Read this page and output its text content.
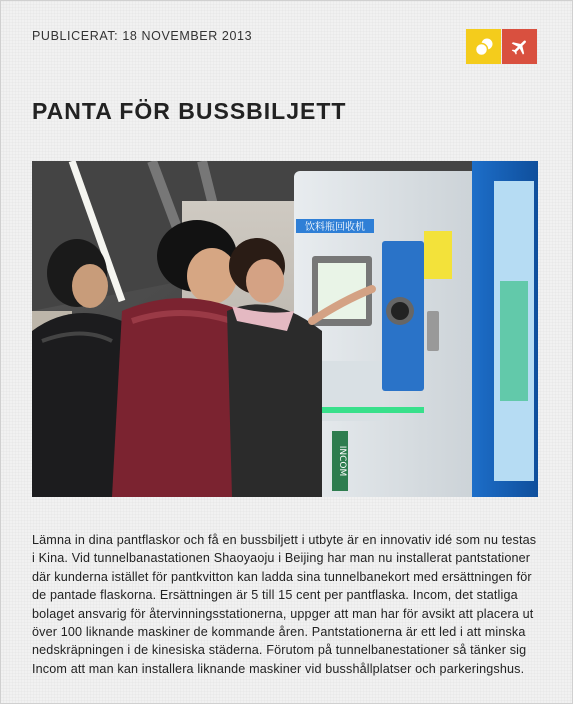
PUBLICERAT: 18 NOVEMBER 2013
PANTA FÖR BUSSBILJETT
饮料瓶回收机
INCOM

Lämna in dina pantflaskor och få en bussbiljett i utbyte är en innovativ idé som nu testas i Kina. Vid tunnelbanastationen Shaoyaoju i Beijing har man nu installerat pantstationer där kunderna istället för pantkvitton kan ladda sina tunnelbanekort med ersättningen för de pantade flaskorna. Ersättningen är 5 till 15 cent per pantflaska. Incom, det statliga bolaget ansvarig för återvinningsstationerna, uppger att man har för avsikt att placera ut över 100 liknande maskiner de kommande åren. Pantstationerna är ett led i att minska nedskräpningen i de kinesiska städerna. Förutom på tunnelbanestationer så tänker sig Incom att man kan installera liknande maskiner vid busshållplatser och parkeringshus.
